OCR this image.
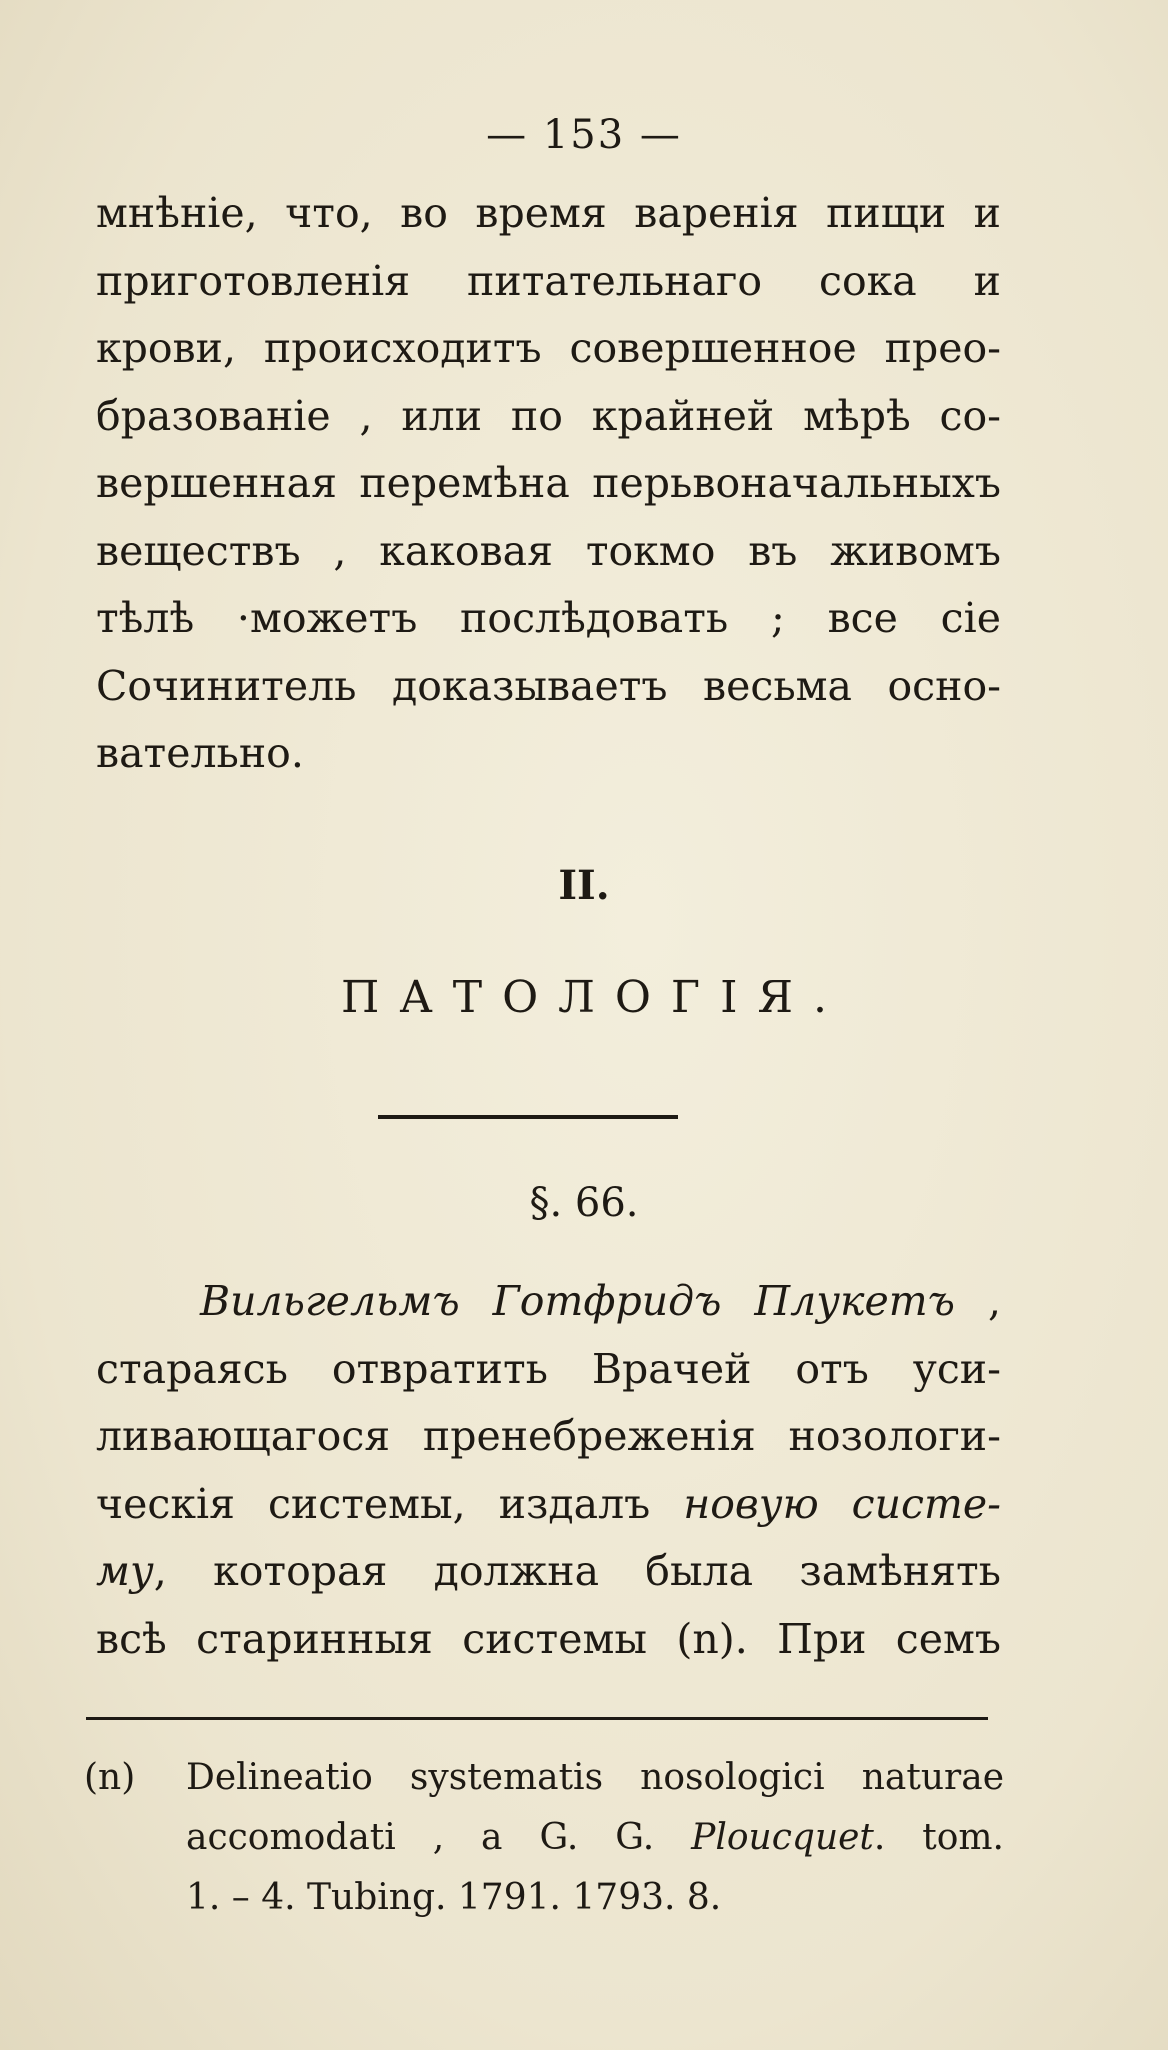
— 153 —
мнѣніе, что, во время варенія пищи и
приготовленія питательнаго сока и
крови, происходитъ совершенное прео-
бразованіе , или по крайней мѣрѣ со-
вершенная перемѣна перьвоначальныхъ
веществъ , каковая токмо въ живомъ
тѣлѣ ·можетъ послѣдовать ; все сіе
Сочинитель доказываетъ весьма осно-
вательно.
II.
ПАТОЛОГІЯ.
§. 66.
Вильгельмъ Готфридъ Плукетъ ,
стараясь отвратить Врачей отъ уси-
ливающагося пренебреженія нозологи-
ческія системы, издалъ новую систе-
му, которая должна была замѣнять
всѣ старинныя системы (n). При семъ
(n) Delineatio systematis nosologici naturae
accomodati , a G. G. Ploucquet. tom.
1. – 4. Tubing. 1791. 1793. 8.
